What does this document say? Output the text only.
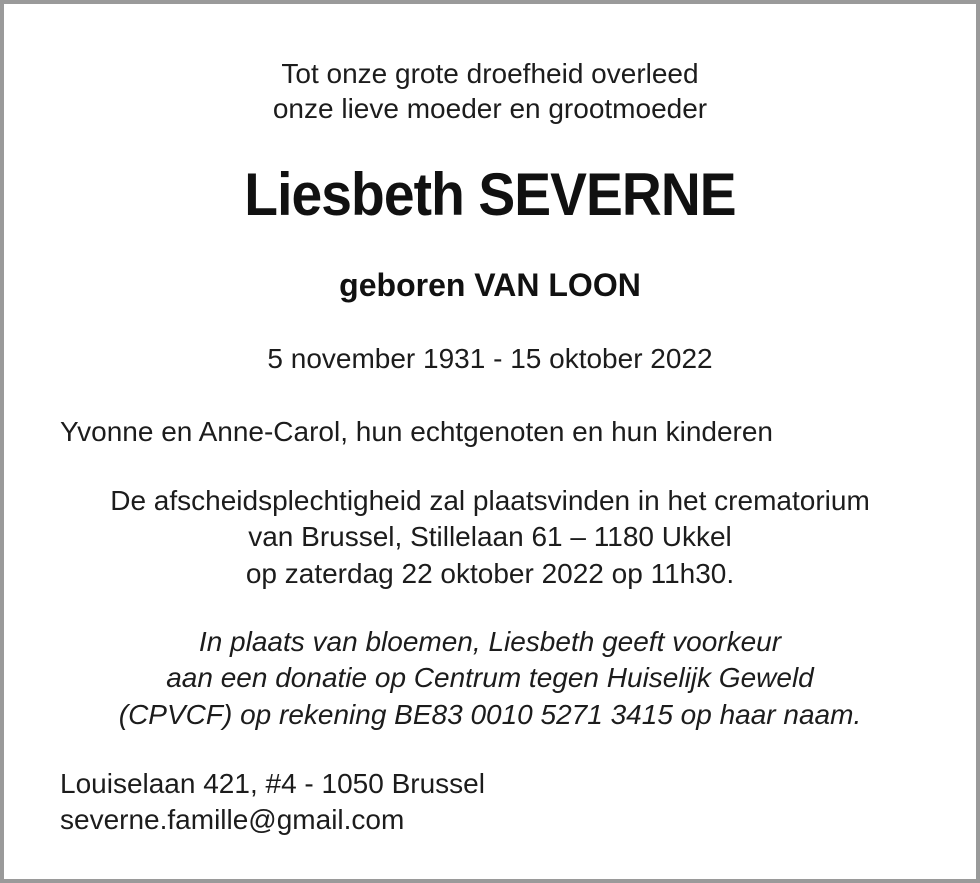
Tot onze grote droefheid overleed
onze lieve moeder en grootmoeder
Liesbeth SEVERNE
geboren VAN LOON
5 november 1931 - 15 oktober 2022
Yvonne en Anne-Carol, hun echtgenoten en hun kinderen
De afscheidsplechtigheid zal plaatsvinden in het crematorium
van Brussel, Stillelaan 61 – 1180 Ukkel
op zaterdag 22 oktober 2022 op 11h30.
In plaats van bloemen, Liesbeth geeft voorkeur
aan een donatie op Centrum tegen Huiselijk Geweld
(CPVCF) op rekening BE83 0010 5271 3415 op haar naam.
Louiselaan 421, #4 - 1050 Brussel
severne.famille@gmail.com
